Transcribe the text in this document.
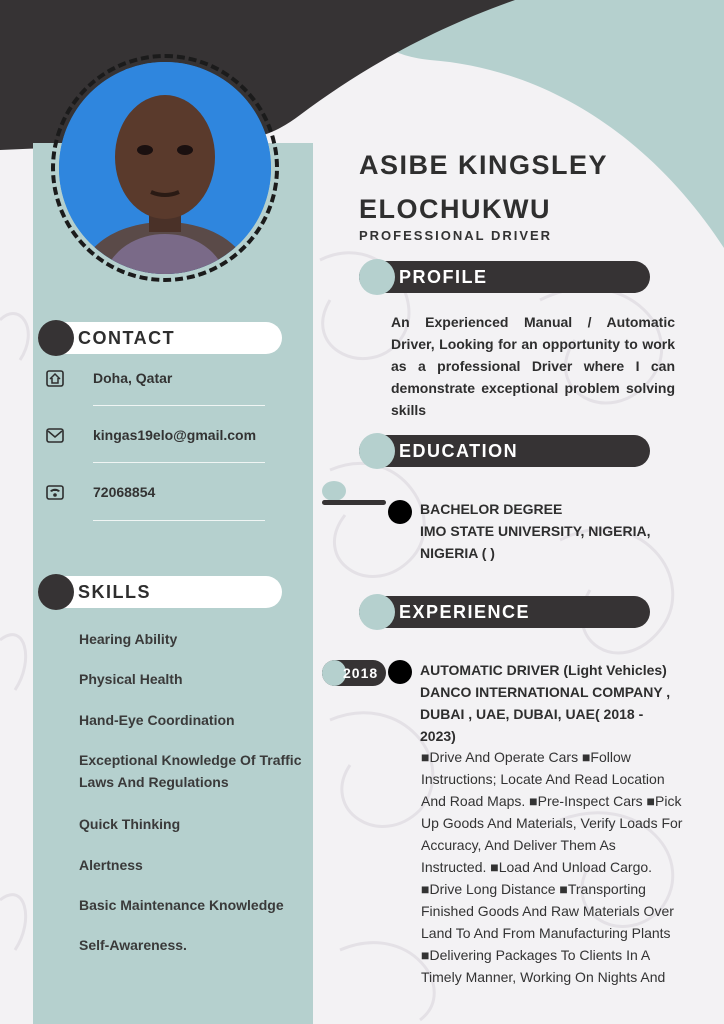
ASIBE KINGSLEY
ELOCHUKWU
PROFESSIONAL DRIVER
CONTACT
Doha, Qatar
kingas19elo@gmail.com
72068854
SKILLS
Hearing Ability
Physical Health
Hand-Eye Coordination
Exceptional Knowledge Of Traffic Laws And Regulations
Quick Thinking
Alertness
Basic Maintenance Knowledge
Self-Awareness.
PROFILE
An Experienced Manual / Automatic Driver, Looking for an opportunity to work as a professional Driver where I can demonstrate exceptional problem solving skills
EDUCATION
BACHELOR DEGREE
IMO STATE UNIVERSITY, NIGERIA, NIGERIA ( )
EXPERIENCE
2018	AUTOMATIC DRIVER (Light Vehicles) DANCO INTERNATIONAL COMPANY , DUBAI , UAE, DUBAI, UAE( 2018 - 2023)
■Drive And Operate Cars ■Follow Instructions; Locate And Read Location And Road Maps. ■Pre-Inspect Cars ■Pick Up Goods And Materials, Verify Loads For Accuracy, And Deliver Them As Instructed. ■Load And Unload Cargo. ■Drive Long Distance ■Transporting Finished Goods And Raw Materials Over Land To And From Manufacturing Plants ■Delivering Packages To Clients In A Timely Manner, Working On Nights And
